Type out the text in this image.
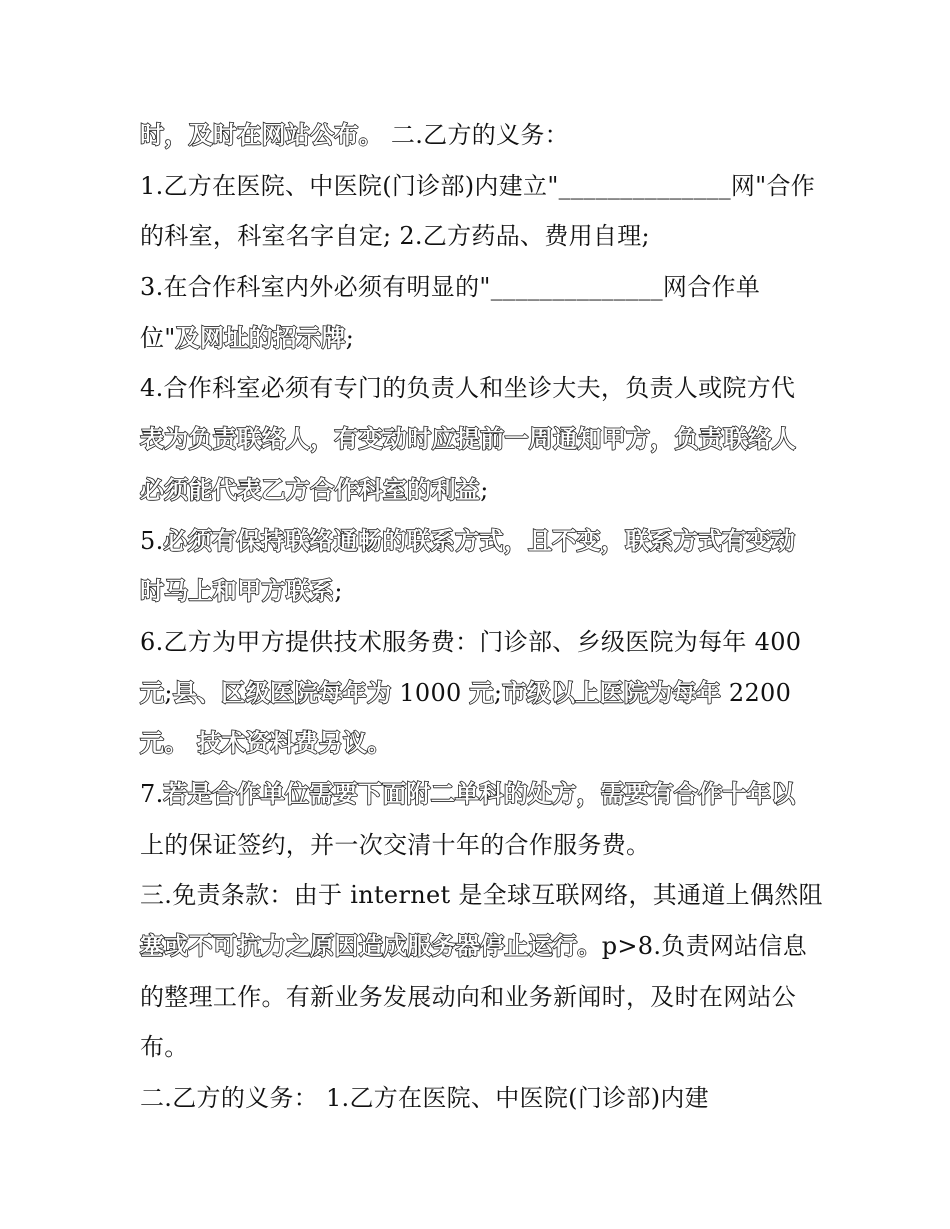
时，及时在网站公布。 二.乙方的义务：
1.乙方在医院、中医院(门诊部)内建立"______________网"合作
的科室，科室名字自定; 2.乙方药品、费用自理;
3.在合作科室内外必须有明显的"______________网合作单
位"及网址的招示牌;
4.合作科室必须有专门的负责人和坐诊大夫，负责人或院方代
表为负责联络人，有变动时应提前一周通知甲方，负责联络人
必须能代表乙方合作科室的利益;
5.必须有保持联络通畅的联系方式，且不变，联系方式有变动
时马上和甲方联系;
6.乙方为甲方提供技术服务费：门诊部、乡级医院为每年 400
元;县、区级医院每年为 1000 元;市级以上医院为每年 2200
元。 技术资料费另议。
7.若是合作单位需要下面附二单科的处方，需要有合作十年以
上的保证签约，并一次交清十年的合作服务费。
三.免责条款：由于 internet 是全球互联网络，其通道上偶然阻
塞或不可抗力之原因造成服务器停止运行。p>8.负责网站信息
的整理工作。有新业务发展动向和业务新闻时，及时在网站公
布。
二.乙方的义务： 1.乙方在医院、中医院(门诊部)内建
